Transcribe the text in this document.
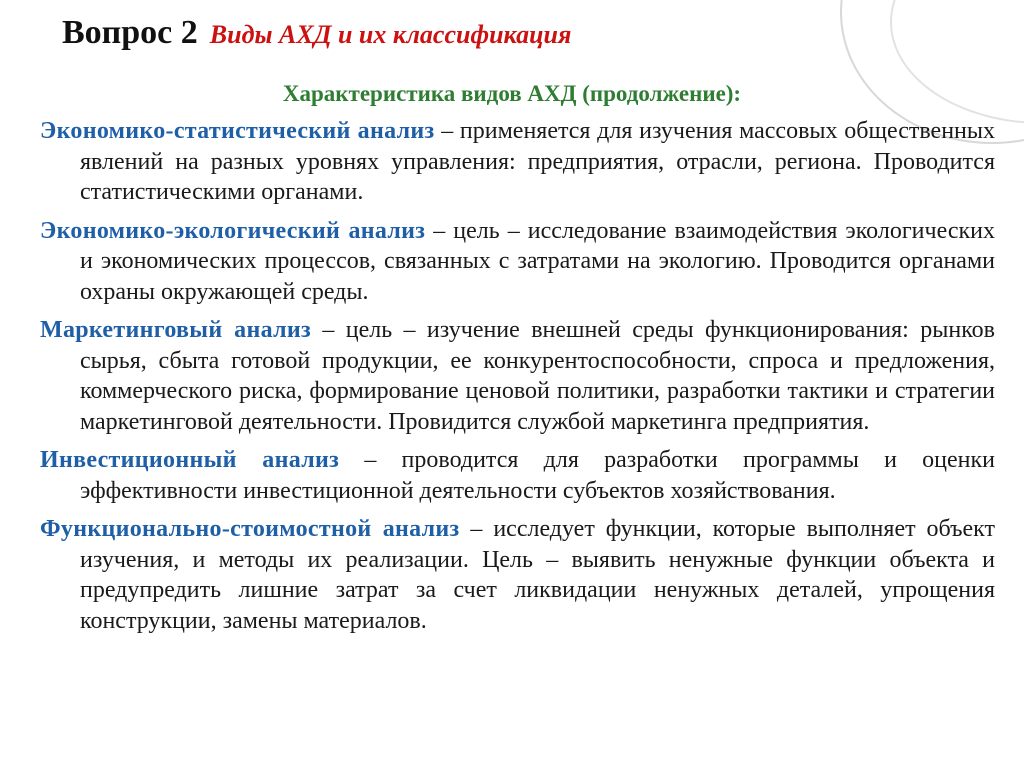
Вопрос 2 Виды АХД и их классификация
Характеристика видов АХД (продолжение):

Экономико-статистический анализ – применяется для изучения массовых общественных явлений на разных уровнях управления: предприятия, отрасли, региона. Проводится статистическими органами.

Экономико-экологический анализ – цель – исследование взаимодействия экологических и экономических процессов, связанных с затратами на экологию. Проводится органами охраны окружающей среды.

Маркетинговый анализ – цель – изучение внешней среды функционирования: рынков сырья, сбыта готовой продукции, ее конкурентоспособности, спроса и предложения, коммерческого риска, формирование ценовой политики, разработки тактики и стратегии маркетинговой деятельности. Провидится службой маркетинга предприятия.

Инвестиционный анализ – проводится для разработки программы и оценки эффективности инвестиционной деятельности субъектов хозяйствования.

Функционально-стоимостной анализ – исследует функции, которые выполняет объект изучения, и методы их реализации. Цель – выявить ненужные функции объекта и предупредить лишние затрат за счет ликвидации ненужных деталей, упрощения конструкции, замены материалов.
